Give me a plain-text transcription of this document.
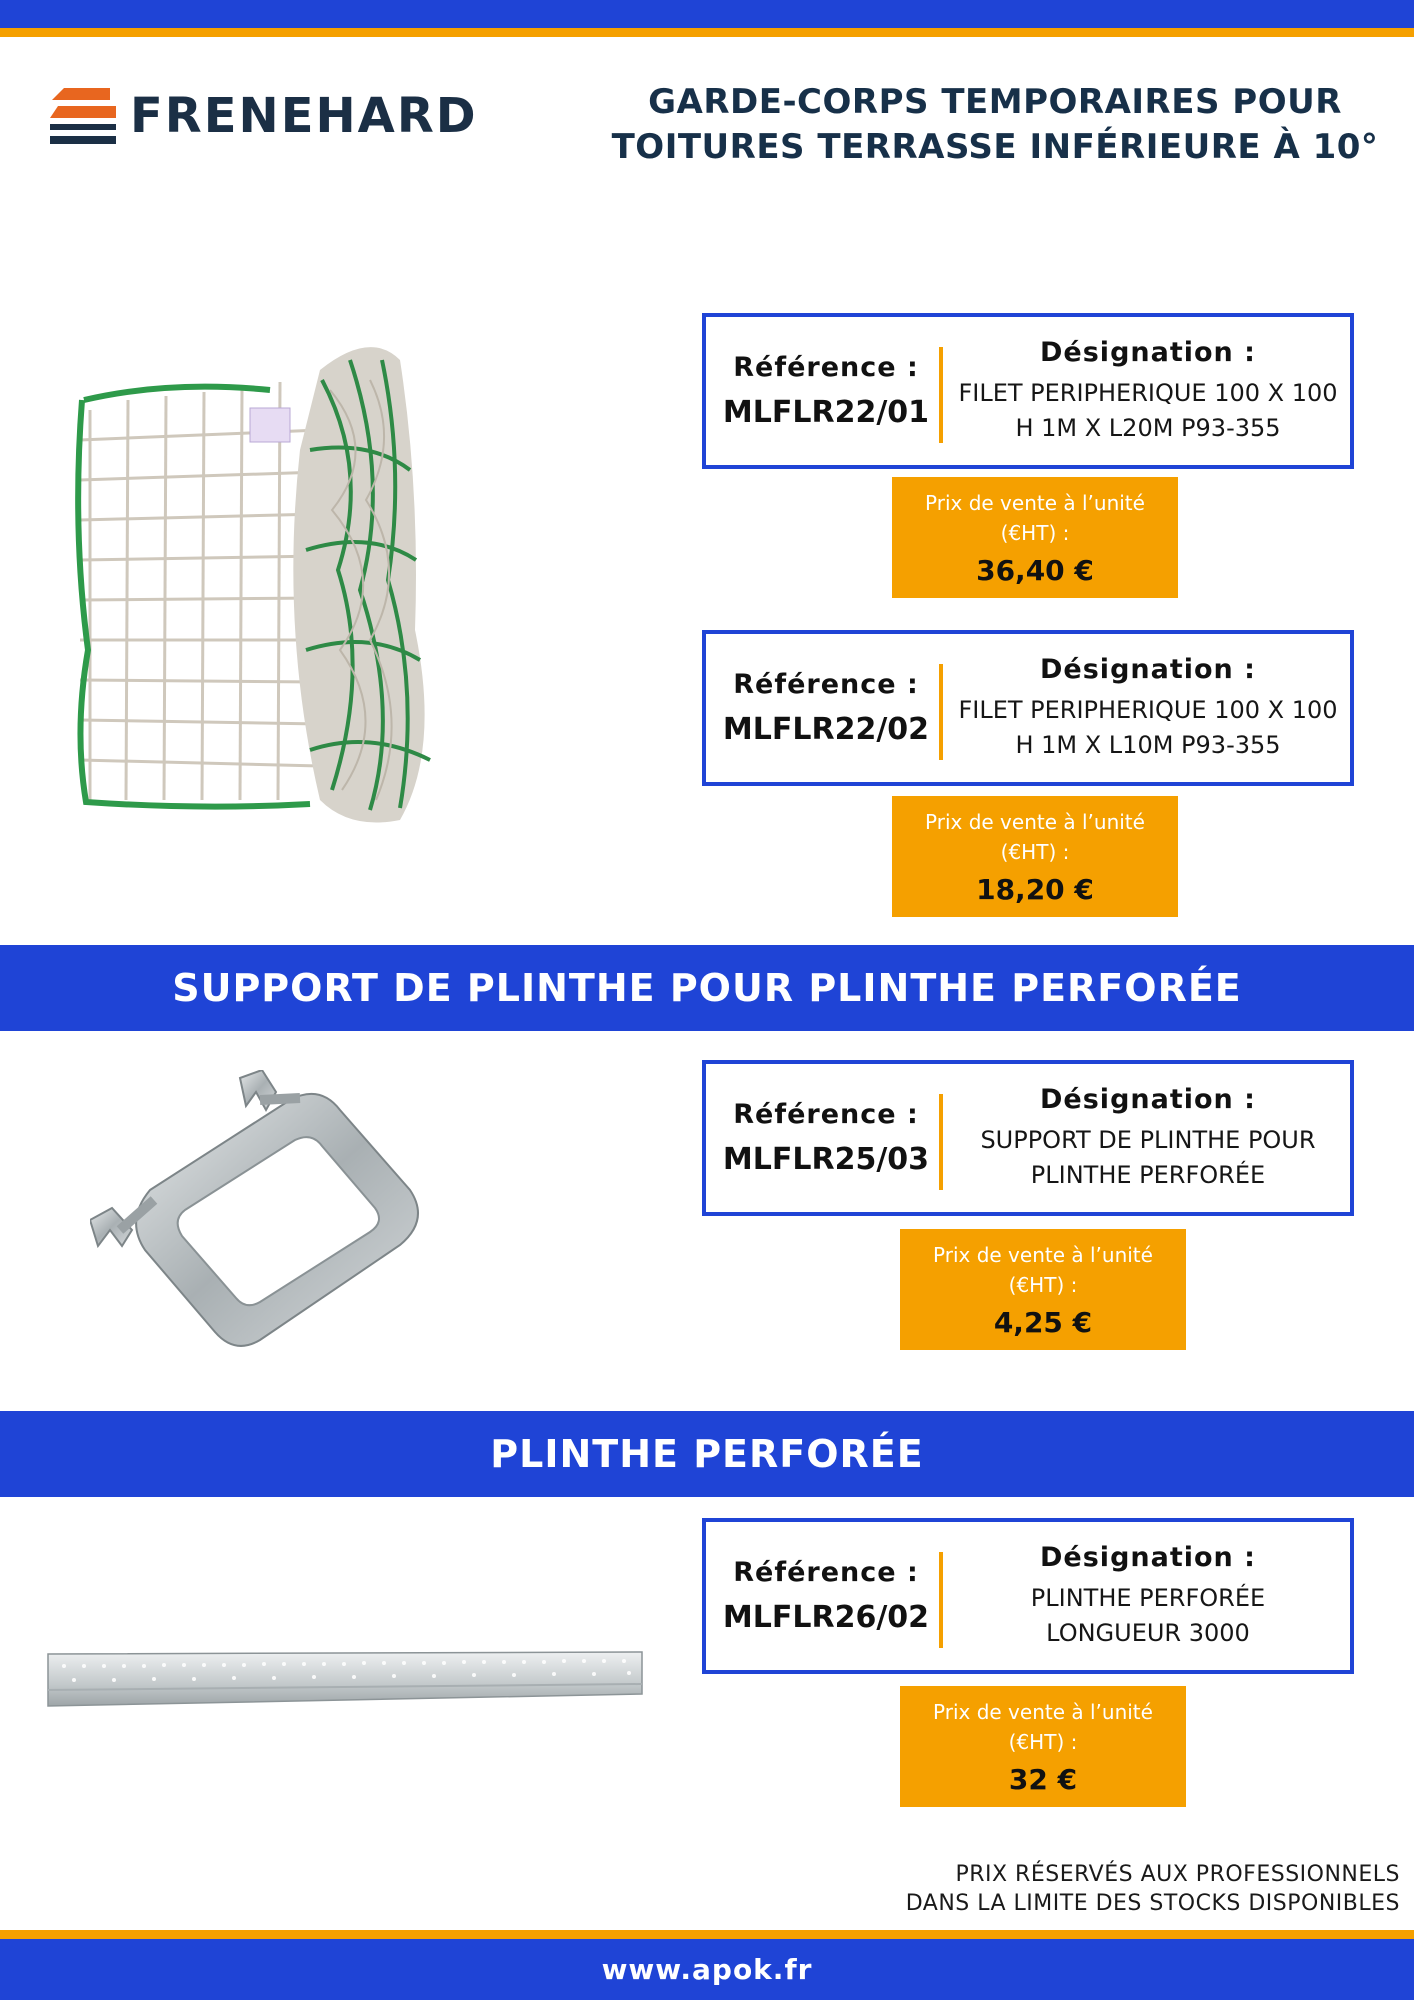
FRENEHARD	GARDE-CORPS TEMPORAIRES POUR
TOITURES TERRASSE INFÉRIEURE À 10°
Référence :
MLFLR22/01
Désignation :
FILET PERIPHERIQUE 100 X 100
H 1M X L20M P93-355
Prix de vente à l’unité (€HT) :
36,40 €
Référence :
MLFLR22/02
Désignation :
FILET PERIPHERIQUE 100 X 100
H 1M X L10M P93-355
Prix de vente à l’unité (€HT) :
18,20 €
SUPPORT DE PLINTHE POUR PLINTHE PERFORÉE
Référence :
MLFLR25/03
Désignation :
SUPPORT DE PLINTHE POUR
PLINTHE PERFORÉE
Prix de vente à l’unité (€HT) :
4,25 €
PLINTHE PERFORÉE
Référence :
MLFLR26/02
Désignation :
PLINTHE PERFORÉE
LONGUEUR 3000
Prix de vente à l’unité (€HT) :
32 €
PRIX RÉSERVÉS AUX PROFESSIONNELS
DANS LA LIMITE DES STOCKS DISPONIBLES
www.apok.fr
